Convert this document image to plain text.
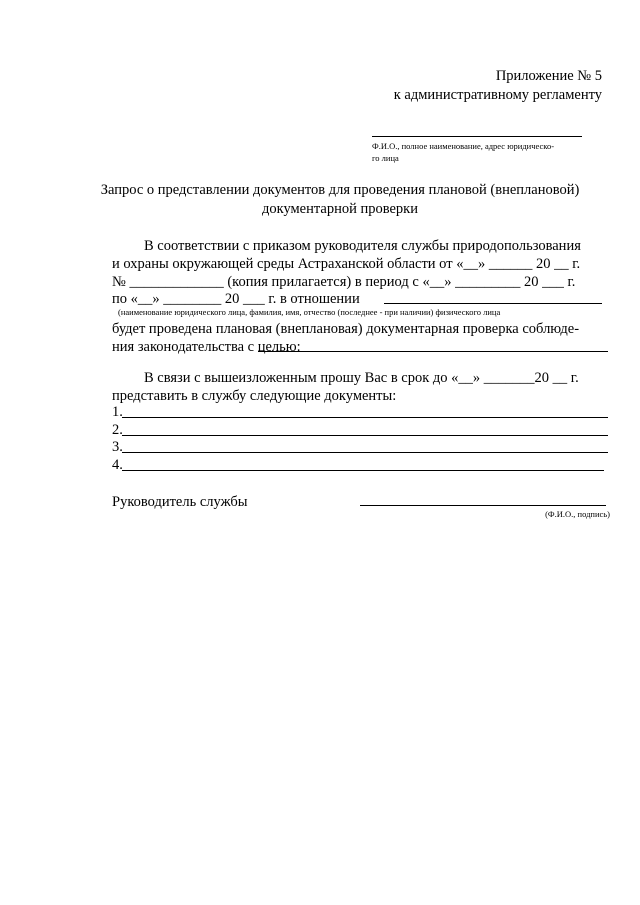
Приложение № 5
к административному регламенту
Ф.И.О., полное наименование, адрес юридическо-
го лица
Запрос о представлении документов для проведения плановой (внеплановой)
документарной проверки
В соответствии с приказом руководителя службы природопользования
и охраны окружающей среды Астраханской области от «__» ______ 20 __ г.
№ _____________ (копия прилагается) в период с «__» _________ 20 ___ г.
по «__» ________ 20 ___ г. в отношении
(наименование юридического лица, фамилия, имя, отчество (последнее - при наличии) физического лица
будет проведена плановая (внеплановая) документарная проверка соблюде-
ния законодательства с целью:
В связи с вышеизложенным прошу Вас в срок до «__» _______20 __ г.
представить в службу следующие документы:
1.
2.
3.
4.
Руководитель службы
(Ф.И.О., подпись)
